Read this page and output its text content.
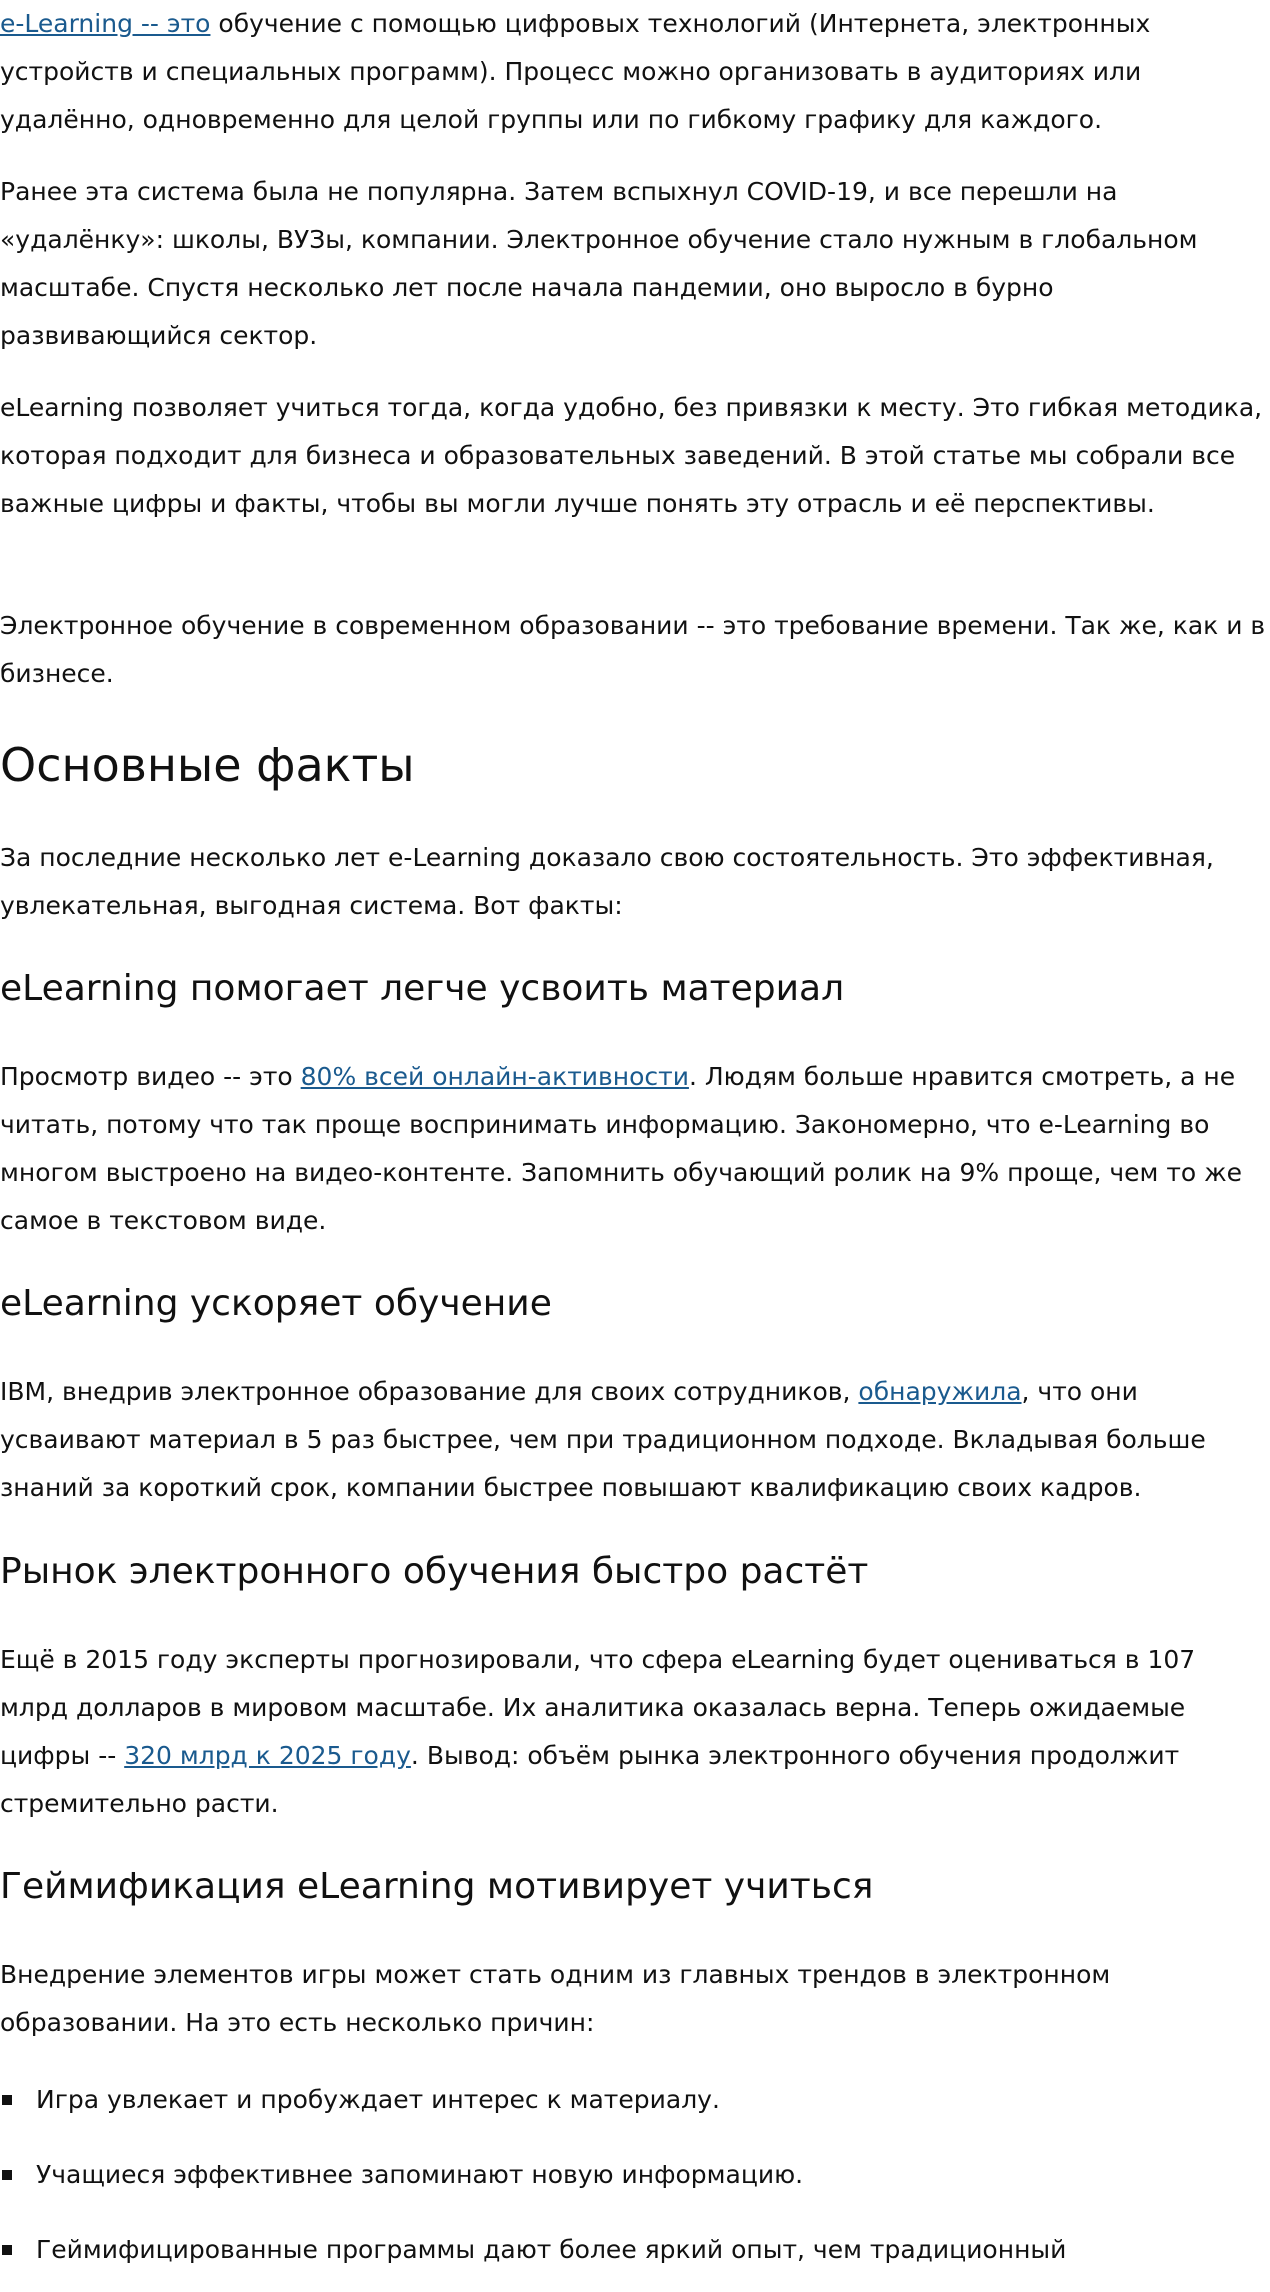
e-Learning -- это обучение с помощью цифровых технологий (Интернета, электронных устройств и специальных программ). Процесс можно организовать в аудиториях или удалённо, одновременно для целой группы или по гибкому графику для каждого.

Ранее эта система была не популярна. Затем вспыхнул COVID-19, и все перешли на «удалёнку»: школы, ВУЗы, компании. Электронное обучение стало нужным в глобальном масштабе. Спустя несколько лет после начала пандемии, оно выросло в бурно развивающийся сектор.

eLearning позволяет учиться тогда, когда удобно, без привязки к месту. Это гибкая методика, которая подходит для бизнеса и образовательных заведений. В этой статье мы собрали все важные цифры и факты, чтобы вы могли лучше понять эту отрасль и её перспективы.

Электронное обучение в современном образовании -- это требование времени. Так же, как и в бизнесе.

Основные факты

За последние несколько лет e-Learning доказало свою состоятельность. Это эффективная, увлекательная, выгодная система. Вот факты:

eLearning помогает легче усвоить материал

Просмотр видео -- это 80% всей онлайн-активности. Людям больше нравится смотреть, а не читать, потому что так проще воспринимать информацию. Закономерно, что e-Learning во многом выстроено на видео-контенте. Запомнить обучающий ролик на 9% проще, чем то же самое в текстовом виде.

eLearning ускоряет обучение

IBM, внедрив электронное образование для своих сотрудников, обнаружила, что они усваивают материал в 5 раз быстрее, чем при традиционном подходе. Вкладывая больше знаний за короткий срок, компании быстрее повышают квалификацию своих кадров.

Рынок электронного обучения быстро растёт

Ещё в 2015 году эксперты прогнозировали, что сфера eLearning будет оцениваться в 107 млрд долларов в мировом масштабе. Их аналитика оказалась верна. Теперь ожидаемые цифры -- 320 млрд к 2025 году. Вывод: объём рынка электронного обучения продолжит стремительно расти.

Геймификация eLearning мотивирует учиться

Внедрение элементов игры может стать одним из главных трендов в электронном образовании. На это есть несколько причин:

Игра увлекает и пробуждает интерес к материалу.
Учащиеся эффективнее запоминают новую информацию.
Геймифицированные программы дают более яркий опыт, чем традиционный
